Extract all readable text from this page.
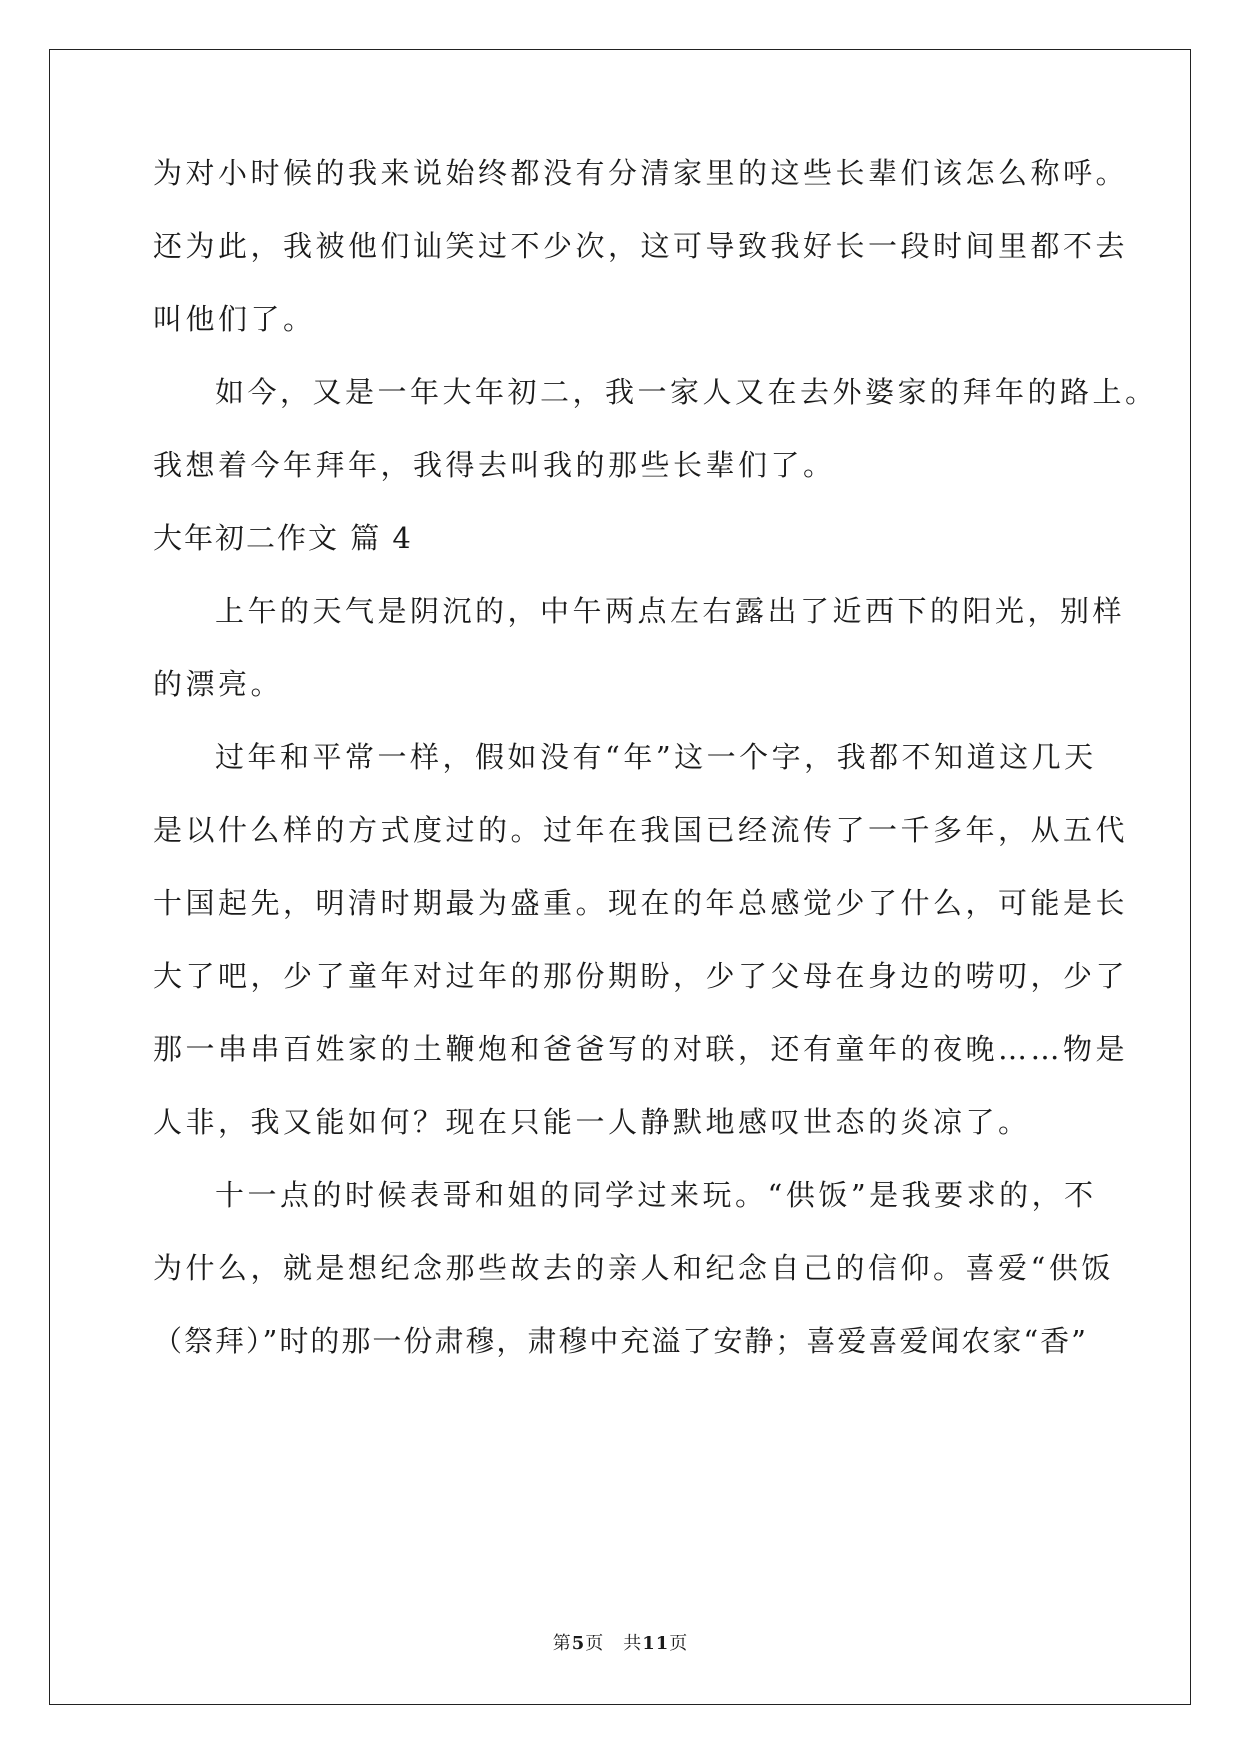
为对小时候的我来说始终都没有分清家里的这些长辈们该怎么称呼。
还为此，我被他们讪笑过不少次，这可导致我好长一段时间里都不去
叫他们了。
如今，又是一年大年初二，我一家人又在去外婆家的拜年的路上。
我想着今年拜年，我得去叫我的那些长辈们了。
大年初二作文 篇 4
上午的天气是阴沉的，中午两点左右露出了近西下的阳光，别样
的漂亮。
过年和平常一样，假如没有“年”这一个字，我都不知道这几天
是以什么样的方式度过的。过年在我国已经流传了一千多年，从五代
十国起先，明清时期最为盛重。现在的年总感觉少了什么，可能是长
大了吧，少了童年对过年的那份期盼，少了父母在身边的唠叨，少了
那一串串百姓家的土鞭炮和爸爸写的对联，还有童年的夜晚……物是
人非，我又能如何？现在只能一人静默地感叹世态的炎凉了。
十一点的时候表哥和姐的同学过来玩。“供饭”是我要求的，不
为什么，就是想纪念那些故去的亲人和纪念自己的信仰。喜爱“供饭
（祭拜）”时的那一份肃穆，肃穆中充溢了安静；喜爱喜爱闻农家“香”
第5页　共11页
